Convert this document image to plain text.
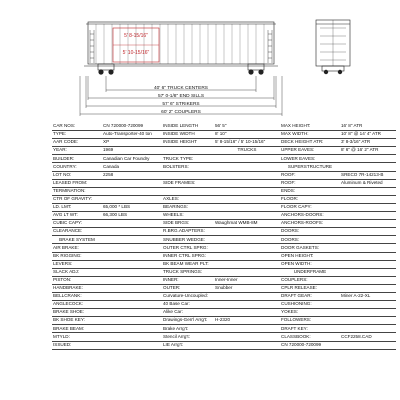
5' 8-15/16"
5' 10-15/16"
40' 6" TRUCK CENTERS
57' 0-1/8" END SILLS
57' 6" STRIKERS
60' 2" COUPLERS
CAR NOS:	CN 720000-720099	INSIDE LENGTH	56' 5"	MAX HEIGHT:	16' 8" ATR
TYPE:	Auto-Transporter-40 ton	INSIDE WIDTH	8' 10"	MAX WIDTH:	10' 8" @ 14' 4" ATR
AAR CODE:	XP	INSIDE HEIGHT	5' 8-15/16" / 5' 10-15/16"	DECK HEIGHT ATR:	3' 8-3/16" ATR
YEAR:	1969		TRUCKS	UPPER EAVES:	8' 6" @ 16' 2" ATR
BUILDER:	Canadian Car Foundry	TRUCK TYPE:		LOWER EAVES:	
COUNTRY:	Canada	BOLSTERS:		SUPERSTRUCTURE	
LOT NO:	2258			ROOF:	SRECO 7R-14213-B
LEASED FROM:		SIDE FRAMES:		ROOF:	Aluminum & Riveted
TERMINATION:				ENDS:	
CTR OF GRAVITY:		AXLES:		FLOOR:	
LD. LMT:	65,000 * LBS	BEARINGS:		FLOOR CAPY:	
AVG LT WT:	66,300 LBS	WHEELS:		ANCHORS-DOORS:	
CUBIC CAPY:		SIDE BRGS:	Waughmat WMB-8M	ANCHORS-ROOFS:	
CLEARANCE:		R.BRG.ADAPTERS:		DOORS:	
BRAKE SYSTEM		SNUBBER WEDGE:		DOORS:	
AIR BRAKE:		OUTER CTRL SPRG:		DOOR GASKETS:	
BK RIGGING:		INNER CTRL SPRG:		OPEN HEIGHT:	
LEVERS:		BK BEAM WEAR PLT:		OPEN WIDTH:	
SLACK ADJ:		TRUCK SPRINGS:		UNDERFRAME	
PISTON:		INNER:	Inner-Inner	COUPLERS:	
HANDBRAKE:		OUTER:	Snubber	CPLR RELEASE:	
BELLCRANK:		Curvature-Uncoupled:		DRAFT GEAR:	Miner A-22-XL
ANGLECOCK:		40 Base Car:		CUSHIONING:	
BRAKE SHOE:		Alike Car:		YOKES:	
BK SHOE KEY:		Drawings-Gen'l Arrg't:	H-2320	FOLLOWERS:	
BRAKE BEAM:		Brake Arrg't:		DRAFT KEY:	
MTYLD:		Stencil Arrg't:		CLASSBOOK:	CCF2258.CAD
ISSUED:		LIE Arrg't:		CN 720000-720099	
